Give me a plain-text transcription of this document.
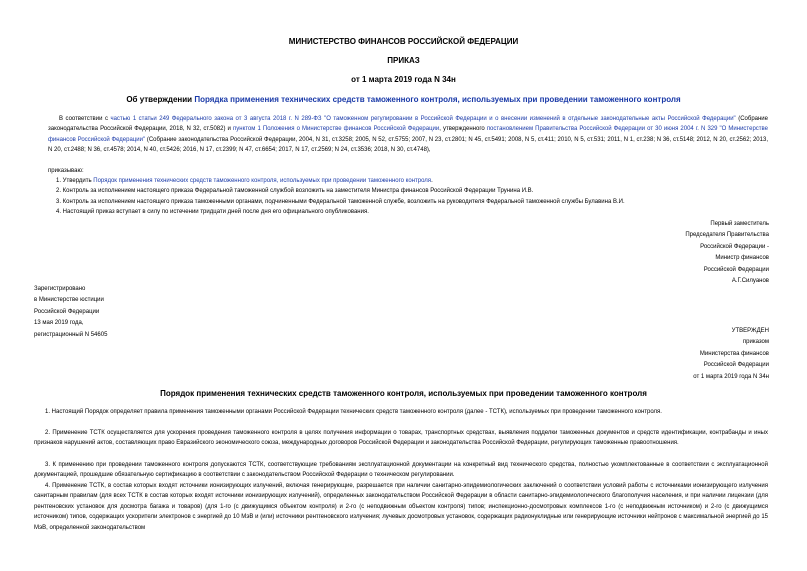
МИНИСТЕРСТВО ФИНАНСОВ РОССИЙСКОЙ ФЕДЕРАЦИИ
ПРИКАЗ
от 1 марта 2019 года N 34н
Об утверждении Порядка применения технических средств таможенного контроля, используемых при проведении таможенного контроля
В соответствии с частью 1 статьи 249 Федерального закона от 3 августа 2018 г. N 289-ФЗ "О таможенном регулировании в Российской Федерации и о внесении изменений в отдельные законодательные акты Российской Федерации" (Собрание законодательства Российской Федерации, 2018, N 32, ст.5082) и пунктом 1 Положения о Министерстве финансов Российской Федерации, утвержденного постановлением Правительства Российской Федерации от 30 июня 2004 г. N 329 "О Министерстве финансов Российской Федерации" (Собрание законодательства Российской Федерации, 2004, N 31, ст.3258; 2005, N 52, ст.5755; 2007, N 23, ст.2801; N 45, ст.5491; 2008, N 5, ст.411; 2010, N 5, ст.531; 2011, N 1, ст.238; N 36, ст.5148; 2012, N 20, ст.2562; 2013, N 20, ст.2488; N 36, ст.4578; 2014, N 40, ст.5426; 2016, N 17, ст.2399; N 47, ст.6654; 2017, N 17, ст.2569; N 24, ст.3536; 2018, N 30, ст.4748),
приказываю:
1. Утвердить Порядок применения технических средств таможенного контроля, используемых при проведении таможенного контроля.
2. Контроль за исполнением настоящего приказа Федеральной таможенной службой возложить на заместителя Министра финансов Российской Федерации Трунина И.В.
3. Контроль за исполнением настоящего приказа таможенными органами, подчиненными Федеральной таможенной службе, возложить на руководителя Федеральной таможенной службы Булавина В.И.
4. Настоящий приказ вступает в силу по истечении тридцати дней после дня его официального опубликования.
Первый заместитель
Председателя Правительства
Российской Федерации -
Министр финансов
Российской Федерации
А.Г.Силуанов
Зарегистрировано
в Министерстве юстиции
Российской Федерации
13 мая 2019 года,
регистрационный N 54605
УТВЕРЖДЕН
приказом
Министерства финансов
Российской Федерации
от 1 марта 2019 года N 34н
Порядок применения технических средств таможенного контроля, используемых при проведении таможенного контроля
1. Настоящий Порядок определяет правила применения таможенными органами Российской Федерации технических средств таможенного контроля (далее - ТСТК), используемых при проведении таможенного контроля.
2. Применение ТСТК осуществляется для ускорения проведения таможенного контроля в целях получения информации о товарах, транспортных средствах, выявления подделки таможенных документов и средств идентификации, контрабанды и иных признаков нарушений актов, составляющих право Евразийского экономического союза, международных договоров Российской Федерации и законодательства Российской Федерации, регулирующих таможенные правоотношения.
3. К применению при проведении таможенного контроля допускаются ТСТК, соответствующие требованиям эксплуатационной документации на конкретный вид технического средства, полностью укомплектованные в соответствии с эксплуатационной документацией, прошедшие обязательную сертификацию в соответствии с законодательством Российской Федерации о техническом регулировании.
4. Применение ТСТК, в состав которых входят источники ионизирующих излучений, включая генерирующие, разрешается при наличии санитарно-эпидемиологических заключений о соответствии условий работы с источниками ионизирующего излучения санитарным правилам (для всех ТСТК в состав которых входят источники ионизирующих излучений), определенных законодательством Российской Федерации в области санитарно-эпидемиологического благополучия населения, и при наличии лицензии (для рентгеновских установок для досмотра багажа и товаров) (для 1-го (с движущимся объектом контроля) и 2-го (с неподвижным объектом контроля) типов; инспекционно-досмотровых комплексов 1-го (с неподвижным источником) и 2-го (с движущимся источником) типов, содержащих ускорители электронов с энергией до 10 МэВ и (или) источники рентгеновского излучения; лучевых досмотровых установок, содержащих радионуклидные или генерирующие источники нейтронов с максимальной энергией до 15 МэВ, определенной законодательством
